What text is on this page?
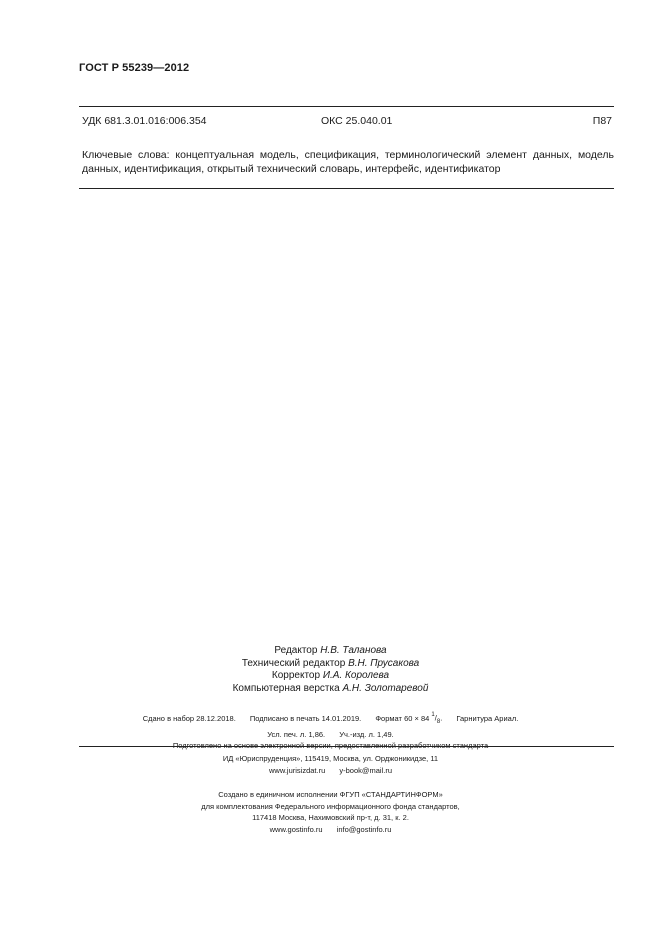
ГОСТ Р 55239—2012
УДК 681.3.01.016:006.354	ОКС 25.040.01	П87
Ключевые слова: концептуальная модель, спецификация, терминологический элемент данных, модель данных, идентификация, открытый технический словарь, интерфейс, идентификатор
Редактор Н.В. Таланова
Технический редактор В.Н. Прусакова
Корректор И.А. Королева
Компьютерная верстка А.Н. Золотаревой
Сдано в набор 28.12.2018. Подписано в печать 14.01.2019. Формат 60 × 84 $^1/_8$. Гарнитура Ариал.
Усл. печ. л. 1,86. Уч.-изд. л. 1,49.
ИД «Юриспруденция», 115419, Москва, ул. Орджоникидзе, 11
www.jurisizdat.ru y-book@mail.ru
Создано в единичном исполнении ФГУП «СТАНДАРТИНФОРМ»
для комплектования Федерального информационного фонда стандартов,
117418 Москва, Нахимовский пр-т, д. 31, к. 2.
www.gostinfo.ru info@gostinfo.ru
